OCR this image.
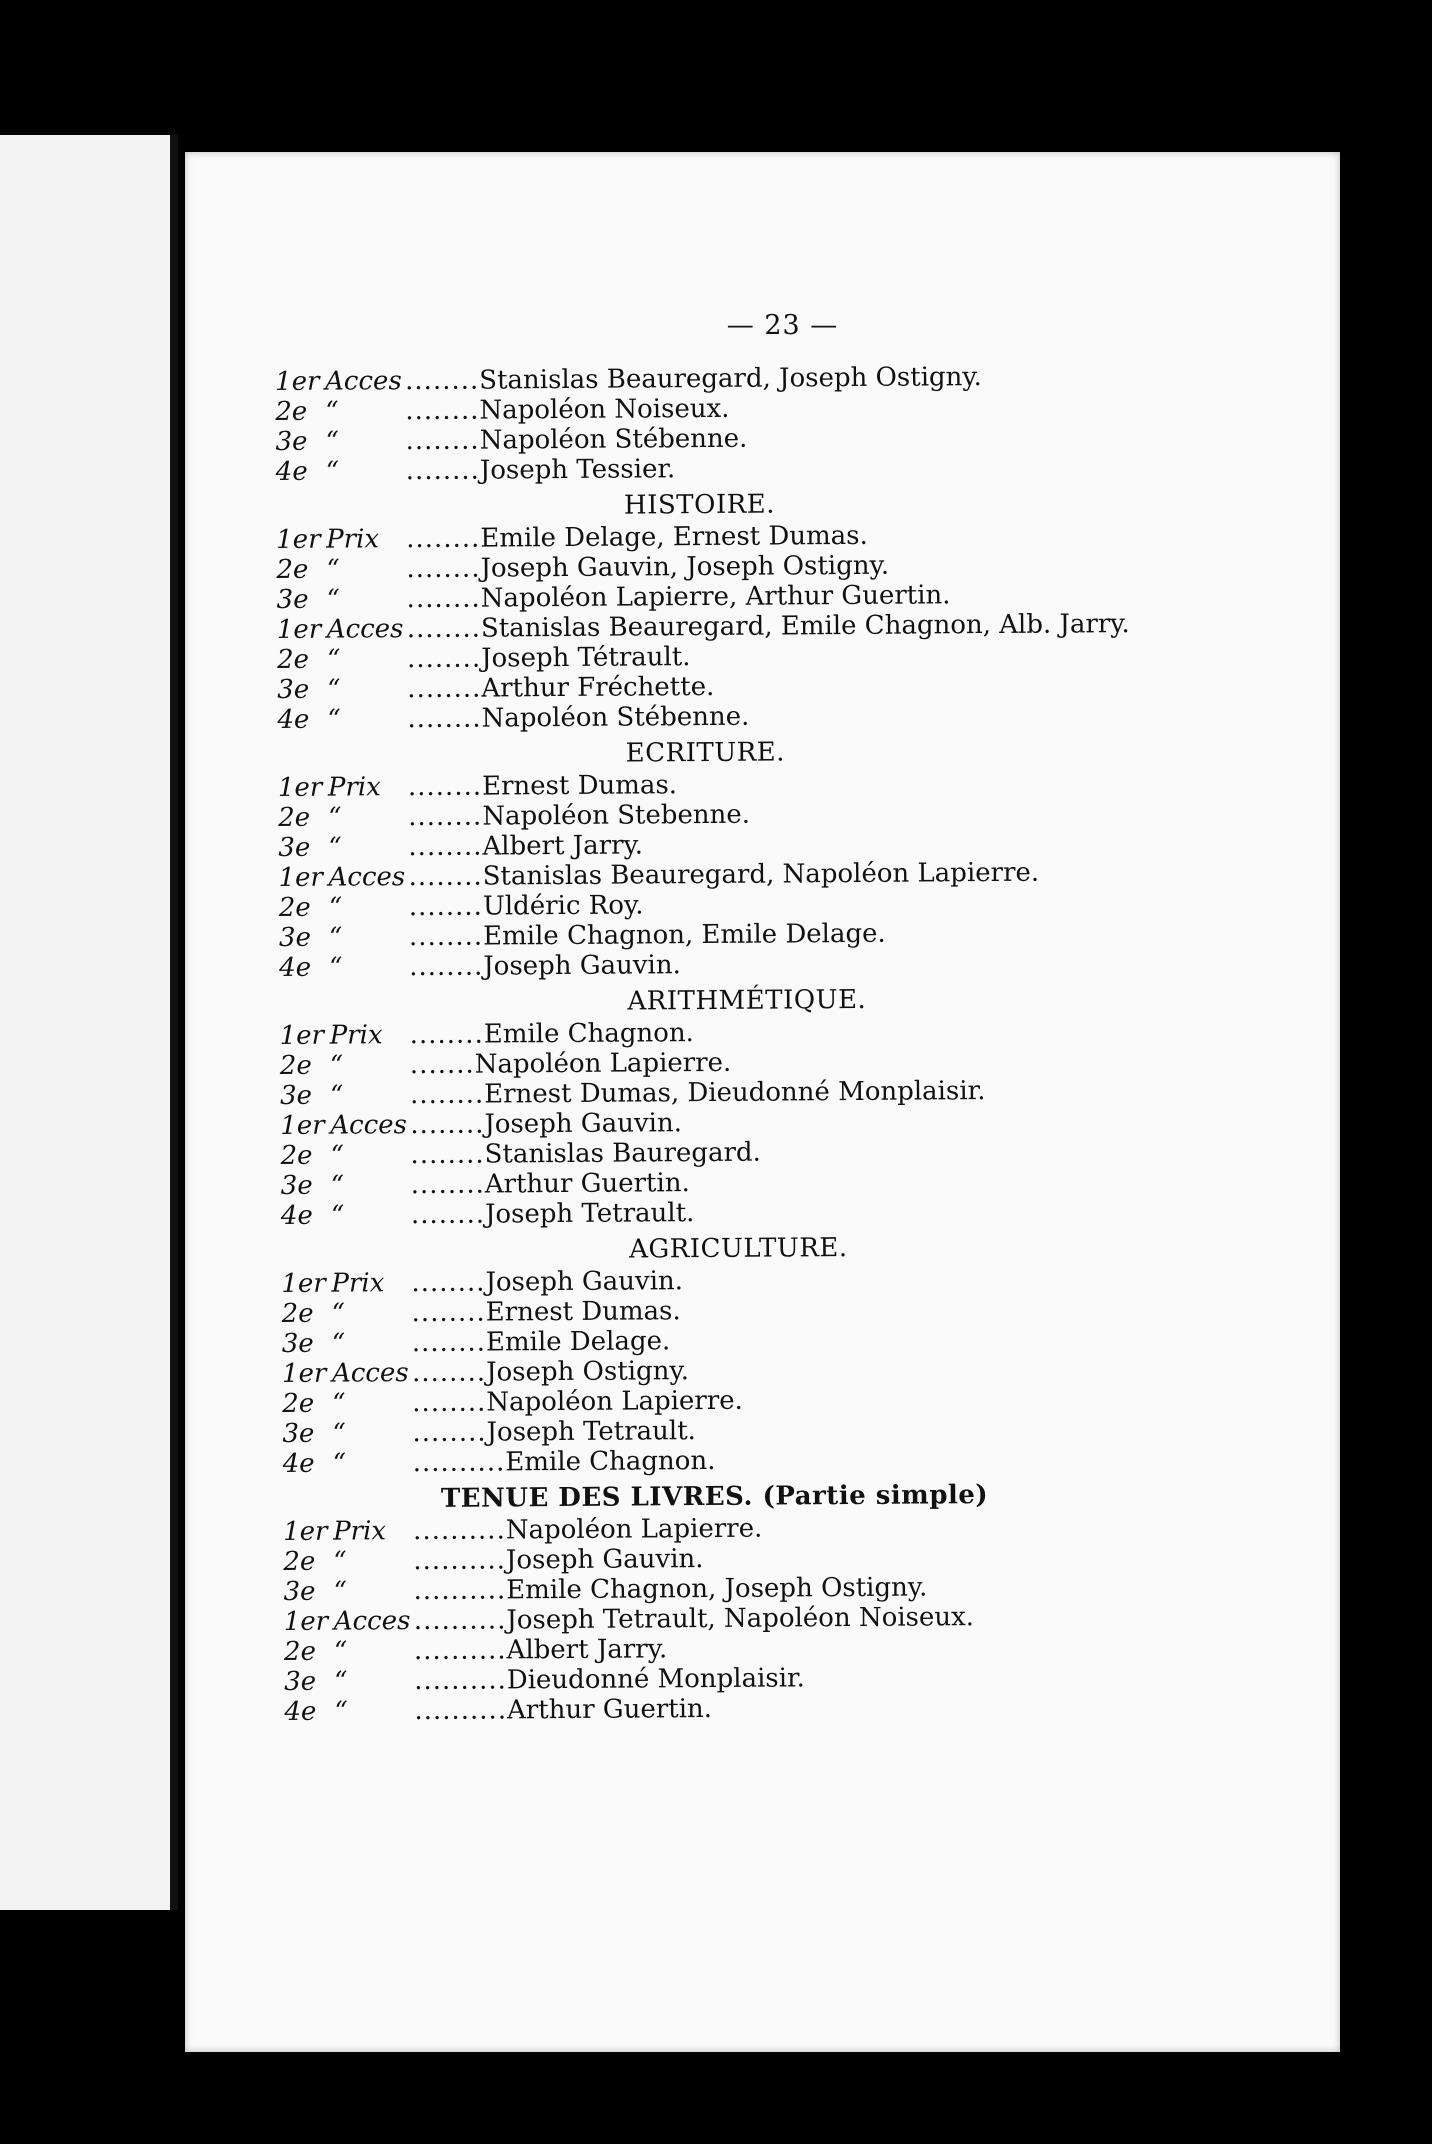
— 23 —
1er Acces ........ Stanislas Beauregard, Joseph Ostigny.
2e “	........ Napoléon Noiseux.
3e “	........ Napoléon Stébenne.
4e “	........ Joseph Tessier.
HISTOIRE.
1er Prix	........ Emile Delage, Ernest Dumas.
2e “	........ Joseph Gauvin, Joseph Ostigny.
3e “	........ Napoléon Lapierre, Arthur Guertin.
1er Acces ........ Stanislas Beauregard, Emile Chagnon, Alb. Jarry.
2e “	........ Joseph Tétrault.
3e “	........ Arthur Fréchette.
4e “	........ Napoléon Stébenne.
ECRITURE.
1er Prix	........ Ernest Dumas.
2e “	........ Napoléon Stebenne.
3e “	........ Albert Jarry.
1er Acces ........ Stanislas Beauregard, Napoléon Lapierre.
2e “	........ Uldéric Roy.
3e “	........ Emile Chagnon, Emile Delage.
4e “	........ Joseph Gauvin.
ARITHMÉTIQUE.
1er Prix	........ Emile Chagnon.
2e “	....... Napoléon Lapierre.
3e “	........ Ernest Dumas, Dieudonné Monplaisir.
1er Acces ........ Joseph Gauvin.
2e “	........ Stanislas Bauregard.
3e “	........ Arthur Guertin.
4e “	........ Joseph Tetrault.
AGRICULTURE.
1er Prix	........ Joseph Gauvin.
2e “	........ Ernest Dumas.
3e “	........ Emile Delage.
1er Acces ........ Joseph Ostigny.
2e “	........ Napoléon Lapierre.
3e “	........ Joseph Tetrault.
4e “	.......... Emile Chagnon.
TENUE DES LIVRES. (Partie simple)
1er Prix	.......... Napoléon Lapierre.
2e “	.......... Joseph Gauvin.
3e “	.......... Emile Chagnon, Joseph Ostigny.
1er Acces .......... Joseph Tetrault, Napoléon Noiseux.
2e “	.......... Albert Jarry.
3e “	.......... Dieudonné Monplaisir.
4e “	.......... Arthur Guertin.
